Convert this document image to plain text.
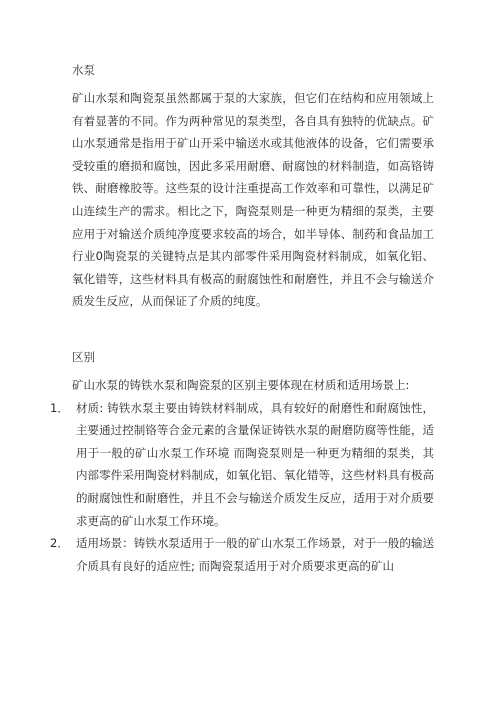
水泵

矿山水泵和陶瓷泵虽然都属于泵的大家族，但它们在结构和应用领域上有着显著的不同。作为两种常见的泵类型，各自具有独特的优缺点。矿山水泵通常是指用于矿山开采中输送水或其他液体的设备，它们需要承受较重的磨损和腐蚀，因此多采用耐磨、耐腐蚀的材料制造，如高铬铸铁、耐磨橡胶等。这些泵的设计注重提高工作效率和可靠性，以满足矿山连续生产的需求。相比之下，陶瓷泵则是一种更为精细的泵类，主要应用于对输送介质纯净度要求较高的场合，如半导体、制药和食品加工行业0陶瓷泵的关键特点是其内部零件采用陶瓷材料制成，如氧化铝、氧化错等，这些材料具有极高的耐腐蚀性和耐磨性，并且不会与输送介质发生反应，从而保证了介质的纯度。

区别

矿山水泵的铸铁水泵和陶瓷泵的区别主要体现在材质和适用场景上:

1． 材质: 铸铁水泵主要由铸铁材料制成，具有较好的耐磨性和耐腐蚀性，主要通过控制铬等合金元素的含量保证铸铁水泵的耐磨防腐等性能，适用于一般的矿山水泵工作环境 而陶瓷泵则是一种更为精细的泵类，其内部零件采用陶瓷材料制成，如氧化铝、氧化错等，这些材料具有极高的耐腐蚀性和耐磨性，并且不会与输送介质发生反应，适用于对介质要求更高的矿山水泵工作环境。
2． 适用场景：铸铁水泵适用于一般的矿山水泵工作场景，对于一般的输送介质具有良好的适应性; 而陶瓷泵适用于对介质要求更高的矿山
